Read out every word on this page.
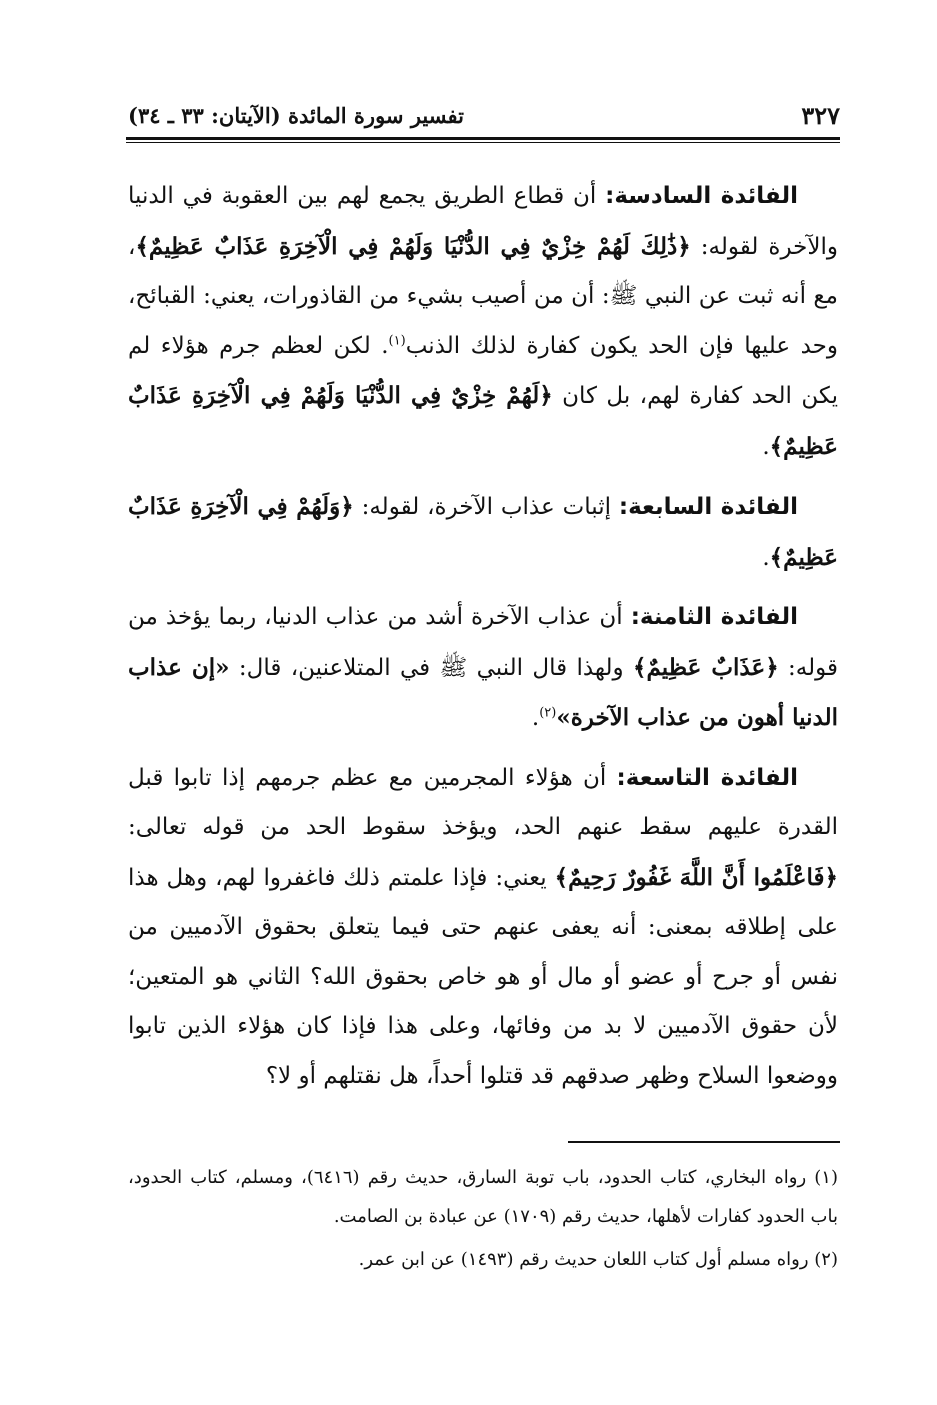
تفسير سورة المائدة (الآيتان: ٣٣ ـ ٣٤)	٣٢٧

الفائدة السادسة: أن قطاع الطريق يجمع لهم بين العقوبة في الدنيا والآخرة لقوله: ﴿ذَٰلِكَ لَهُمْ خِزْيٌ فِي الدُّنْيَا وَلَهُمْ فِي الْآخِرَةِ عَذَابٌ عَظِيمٌ﴾، مع أنه ثبت عن النبي ﷺ: أن من أصيب بشيء من القاذورات، يعني: القبائح، وحد عليها فإن الحد يكون كفارة لذلك الذنب$^{(١)}$. لكن لعظم جرم هؤلاء لم يكن الحد كفارة لهم، بل كان ﴿لَهُمْ خِزْيٌ فِي الدُّنْيَا وَلَهُمْ فِي الْآخِرَةِ عَذَابٌ عَظِيمٌ﴾.

الفائدة السابعة: إثبات عذاب الآخرة، لقوله: ﴿وَلَهُمْ فِي الْآخِرَةِ عَذَابٌ عَظِيمٌ﴾.

الفائدة الثامنة: أن عذاب الآخرة أشد من عذاب الدنيا، ربما يؤخذ من قوله: ﴿عَذَابٌ عَظِيمٌ﴾ ولهذا قال النبي ﷺ في المتلاعنين، قال: «إن عذاب الدنيا أهون من عذاب الآخرة»$^{(٢)}$.

الفائدة التاسعة: أن هؤلاء المجرمين مع عظم جرمهم إذا تابوا قبل القدرة عليهم سقط عنهم الحد، ويؤخذ سقوط الحد من قوله تعالى: ﴿فَاعْلَمُوا أَنَّ اللَّهَ غَفُورٌ رَحِيمٌ﴾ يعني: فإذا علمتم ذلك فاغفروا لهم، وهل هذا على إطلاقه بمعنى: أنه يعفى عنهم حتى فيما يتعلق بحقوق الآدميين من نفس أو جرح أو عضو أو مال أو هو خاص بحقوق الله؟ الثاني هو المتعين؛ لأن حقوق الآدميين لا بد من وفائها، وعلى هذا فإذا كان هؤلاء الذين تابوا ووضعوا السلاح وظهر صدقهم قد قتلوا أحداً، هل نقتلهم أو لا؟

(١) رواه البخاري، كتاب الحدود، باب توبة السارق، حديث رقم (٦٤١٦)، ومسلم، كتاب الحدود، باب الحدود كفارات لأهلها، حديث رقم (١٧٠٩) عن عبادة بن الصامت.

(٢) رواه مسلم أول كتاب اللعان حديث رقم (١٤٩٣) عن ابن عمر.
